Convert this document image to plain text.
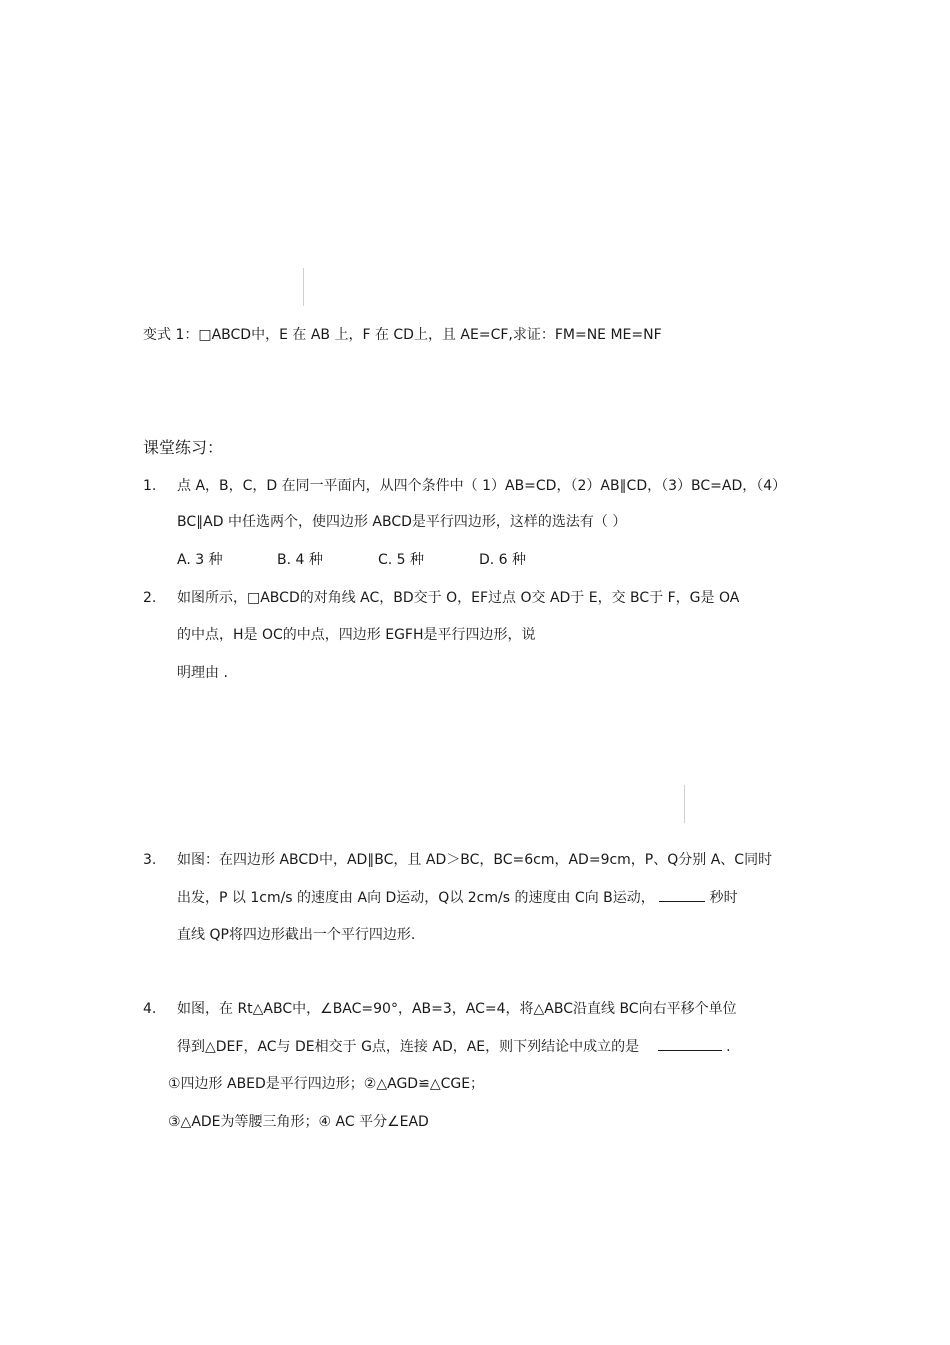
变式 1：□ABCD中，E 在 AB 上，F 在 CD上，且 AE=CF,求证：FM=NE ME=NF
课堂练习：
1. 点 A，B，C，D 在同一平面内，从四个条件中（ 1）AB=CD，（2）AB∥CD，（3）BC=AD，（4）
BC∥AD 中任选两个，使四边形 ABCD是平行四边形，这样的选法有（ ）
A. 3 种	B. 4 种	C. 5 种	D. 6 种
2. 如图所示，□ABCD的对角线 AC，BD交于 O，EF过点 O交 AD于 E，交 BC于 F，G是 OA
的中点，H是 OC的中点，四边形 EGFH是平行四边形，说
明理由 .
3. 如图：在四边形 ABCD中，AD∥BC，且 AD＞BC，BC=6cm，AD=9cm，P、Q分别 A、C同时
出发，P 以 1cm/s 的速度由 A向 D运动，Q以 2cm/s 的速度由 C向 B运动，	秒时
直线 QP将四边形截出一个平行四边形.
4. 如图，在 Rt△ABC中，∠BAC=90°，AB=3，AC=4，将△ABC沿直线 BC向右平移个单位
得到△DEF，AC与 DE相交于 G点，连接 AD，AE，则下列结论中成立的是	.
①四边形 ABED是平行四边形；②△AGD≌△CGE；
③△ADE为等腰三角形；④ AC 平分∠EAD
